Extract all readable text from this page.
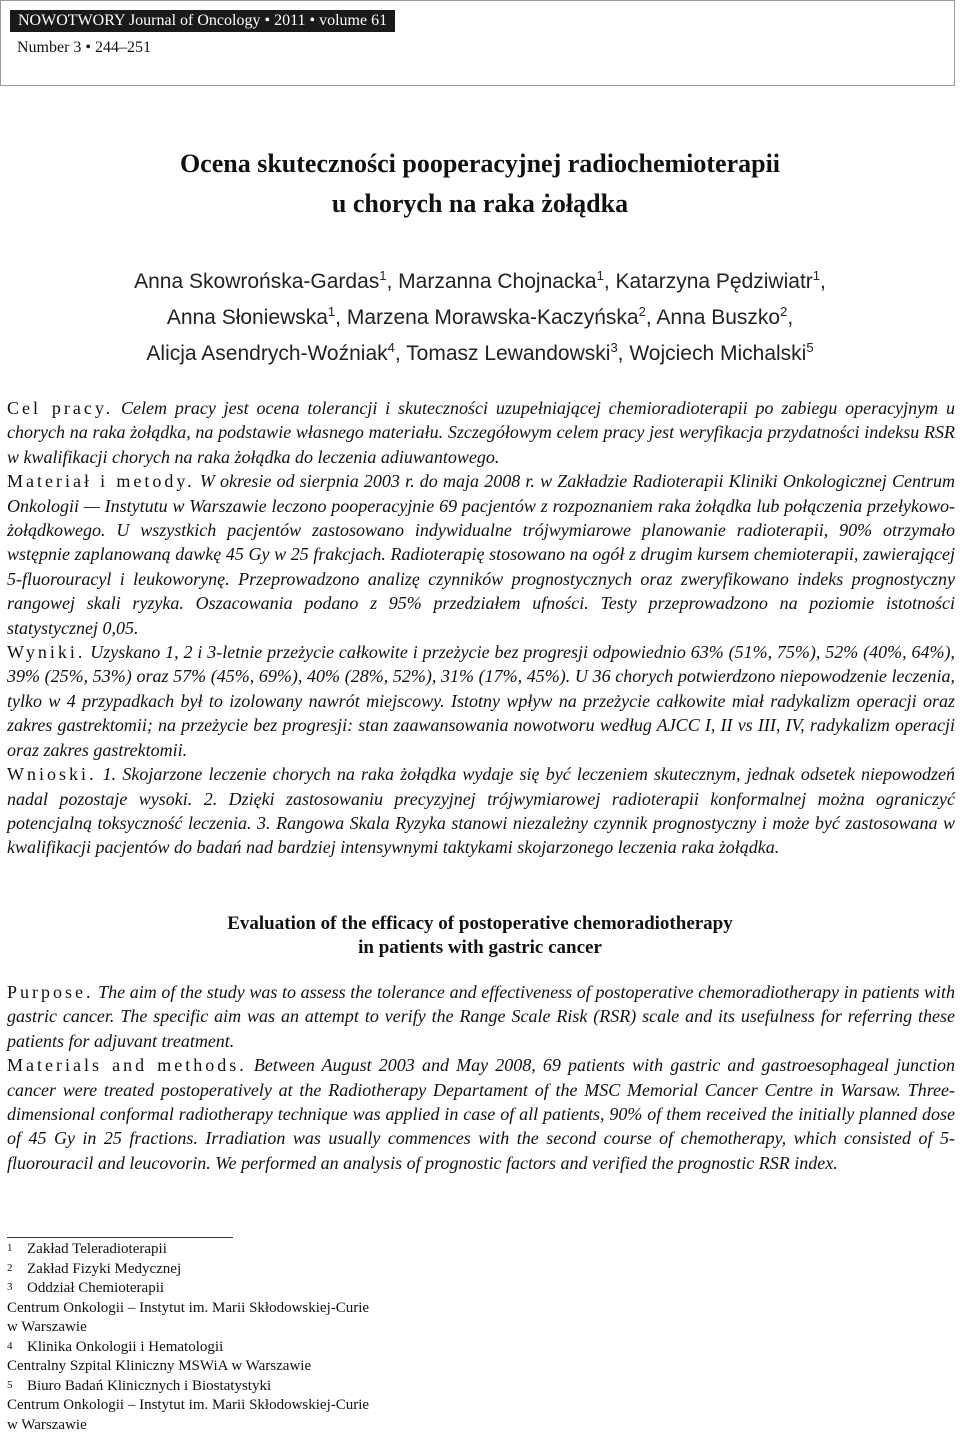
NOWOTWORY Journal of Oncology • 2011 • volume 61
Number 3 • 244–251
Ocena skuteczności pooperacyjnej radiochemioterapii
u chorych na raka żołądka
Anna Skowrońska-Gardas$^1$, Marzanna Chojnacka$^1$, Katarzyna Pędziwiatr$^1$,
Anna Słoniewska$^1$, Marzena Morawska-Kaczyńska$^2$, Anna Buszko$^2$,
Alicja Asendrych-Woźniak$^4$, Tomasz Lewandowski$^3$, Wojciech Michalski$^5$

Cel pracy. Celem pracy jest ocena tolerancji i skuteczności uzupełniającej chemioradioterapii po zabiegu operacyjnym u chorych na raka żołądka, na podstawie własnego materiału. Szczegółowym celem pracy jest weryfikacja przydatności indeksu RSR w kwalifikacji chorych na raka żołądka do leczenia adiuwantowego.

Materiał i metody. W okresie od sierpnia 2003 r. do maja 2008 r. w Zakładzie Radioterapii Kliniki Onkologicznej Centrum Onkologii — Instytutu w Warszawie leczono pooperacyjnie 69 pacjentów z rozpoznaniem raka żołądka lub połączenia przełykowo-żołądkowego. U wszystkich pacjentów zastosowano indywidualne trójwymiarowe planowanie radioterapii, 90% otrzymało wstępnie zaplanowaną dawkę 45 Gy w 25 frakcjach. Radioterapię stosowano na ogół z drugim kursem chemioterapii, zawierającej 5-fluorouracyl i leukoworynę. Przeprowadzono analizę czynników prognostycznych oraz zweryfikowano indeks prognostyczny rangowej skali ryzyka. Oszacowania podano z 95% przedziałem ufności. Testy przeprowadzono na poziomie istotności statystycznej 0,05.

Wyniki. Uzyskano 1, 2 i 3-letnie przeżycie całkowite i przeżycie bez progresji odpowiednio 63% (51%, 75%), 52% (40%, 64%), 39% (25%, 53%) oraz 57% (45%, 69%), 40% (28%, 52%), 31% (17%, 45%). U 36 chorych potwierdzono niepowodzenie leczenia, tylko w 4 przypadkach był to izolowany nawrót miejscowy. Istotny wpływ na przeżycie całkowite miał radykalizm operacji oraz zakres gastrektomii; na przeżycie bez progresji: stan zaawansowania nowotworu według AJCC I, II vs III, IV, radykalizm operacji oraz zakres gastrektomii.

Wnioski. 1. Skojarzone leczenie chorych na raka żołądka wydaje się być leczeniem skutecznym, jednak odsetek niepowodzeń nadal pozostaje wysoki. 2. Dzięki zastosowaniu precyzyjnej trójwymiarowej radioterapii konformalnej można ograniczyć potencjalną toksyczność leczenia. 3. Rangowa Skala Ryzyka stanowi niezależny czynnik prognostyczny i może być zastosowana w kwalifikacji pacjentów do badań nad bardziej intensywnymi taktykami skojarzonego leczenia raka żołądka.

Evaluation of the efficacy of postoperative chemoradiotherapy
in patients with gastric cancer

Purpose. The aim of the study was to assess the tolerance and effectiveness of postoperative chemoradiotherapy in patients with gastric cancer. The specific aim was an attempt to verify the Range Scale Risk (RSR) scale and its usefulness for referring these patients for adjuvant treatment.

Materials and methods. Between August 2003 and May 2008, 69 patients with gastric and gastroesophageal junction cancer were treated postoperatively at the Radiotherapy Departament of the MSC Memorial Cancer Centre in Warsaw. Three-dimensional conformal radiotherapy technique was applied in case of all patients, 90% of them received the initially planned dose of 45 Gy in 25 fractions. Irradiation was usually commences with the second course of chemotherapy, which consisted of 5-fluorouracil and leucovorin. We performed an analysis of prognostic factors and verified the prognostic RSR index.

1 Zakład Teleradioterapii
2 Zakład Fizyki Medycznej
3 Oddział Chemioterapii
Centrum Onkologii – Instytut im. Marii Skłodowskiej-Curie
w Warszawie
4 Klinika Onkologii i Hematologii
Centralny Szpital Kliniczny MSWiA w Warszawie
5 Biuro Badań Klinicznych i Biostatystyki
Centrum Onkologii – Instytut im. Marii Skłodowskiej-Curie
w Warszawie
